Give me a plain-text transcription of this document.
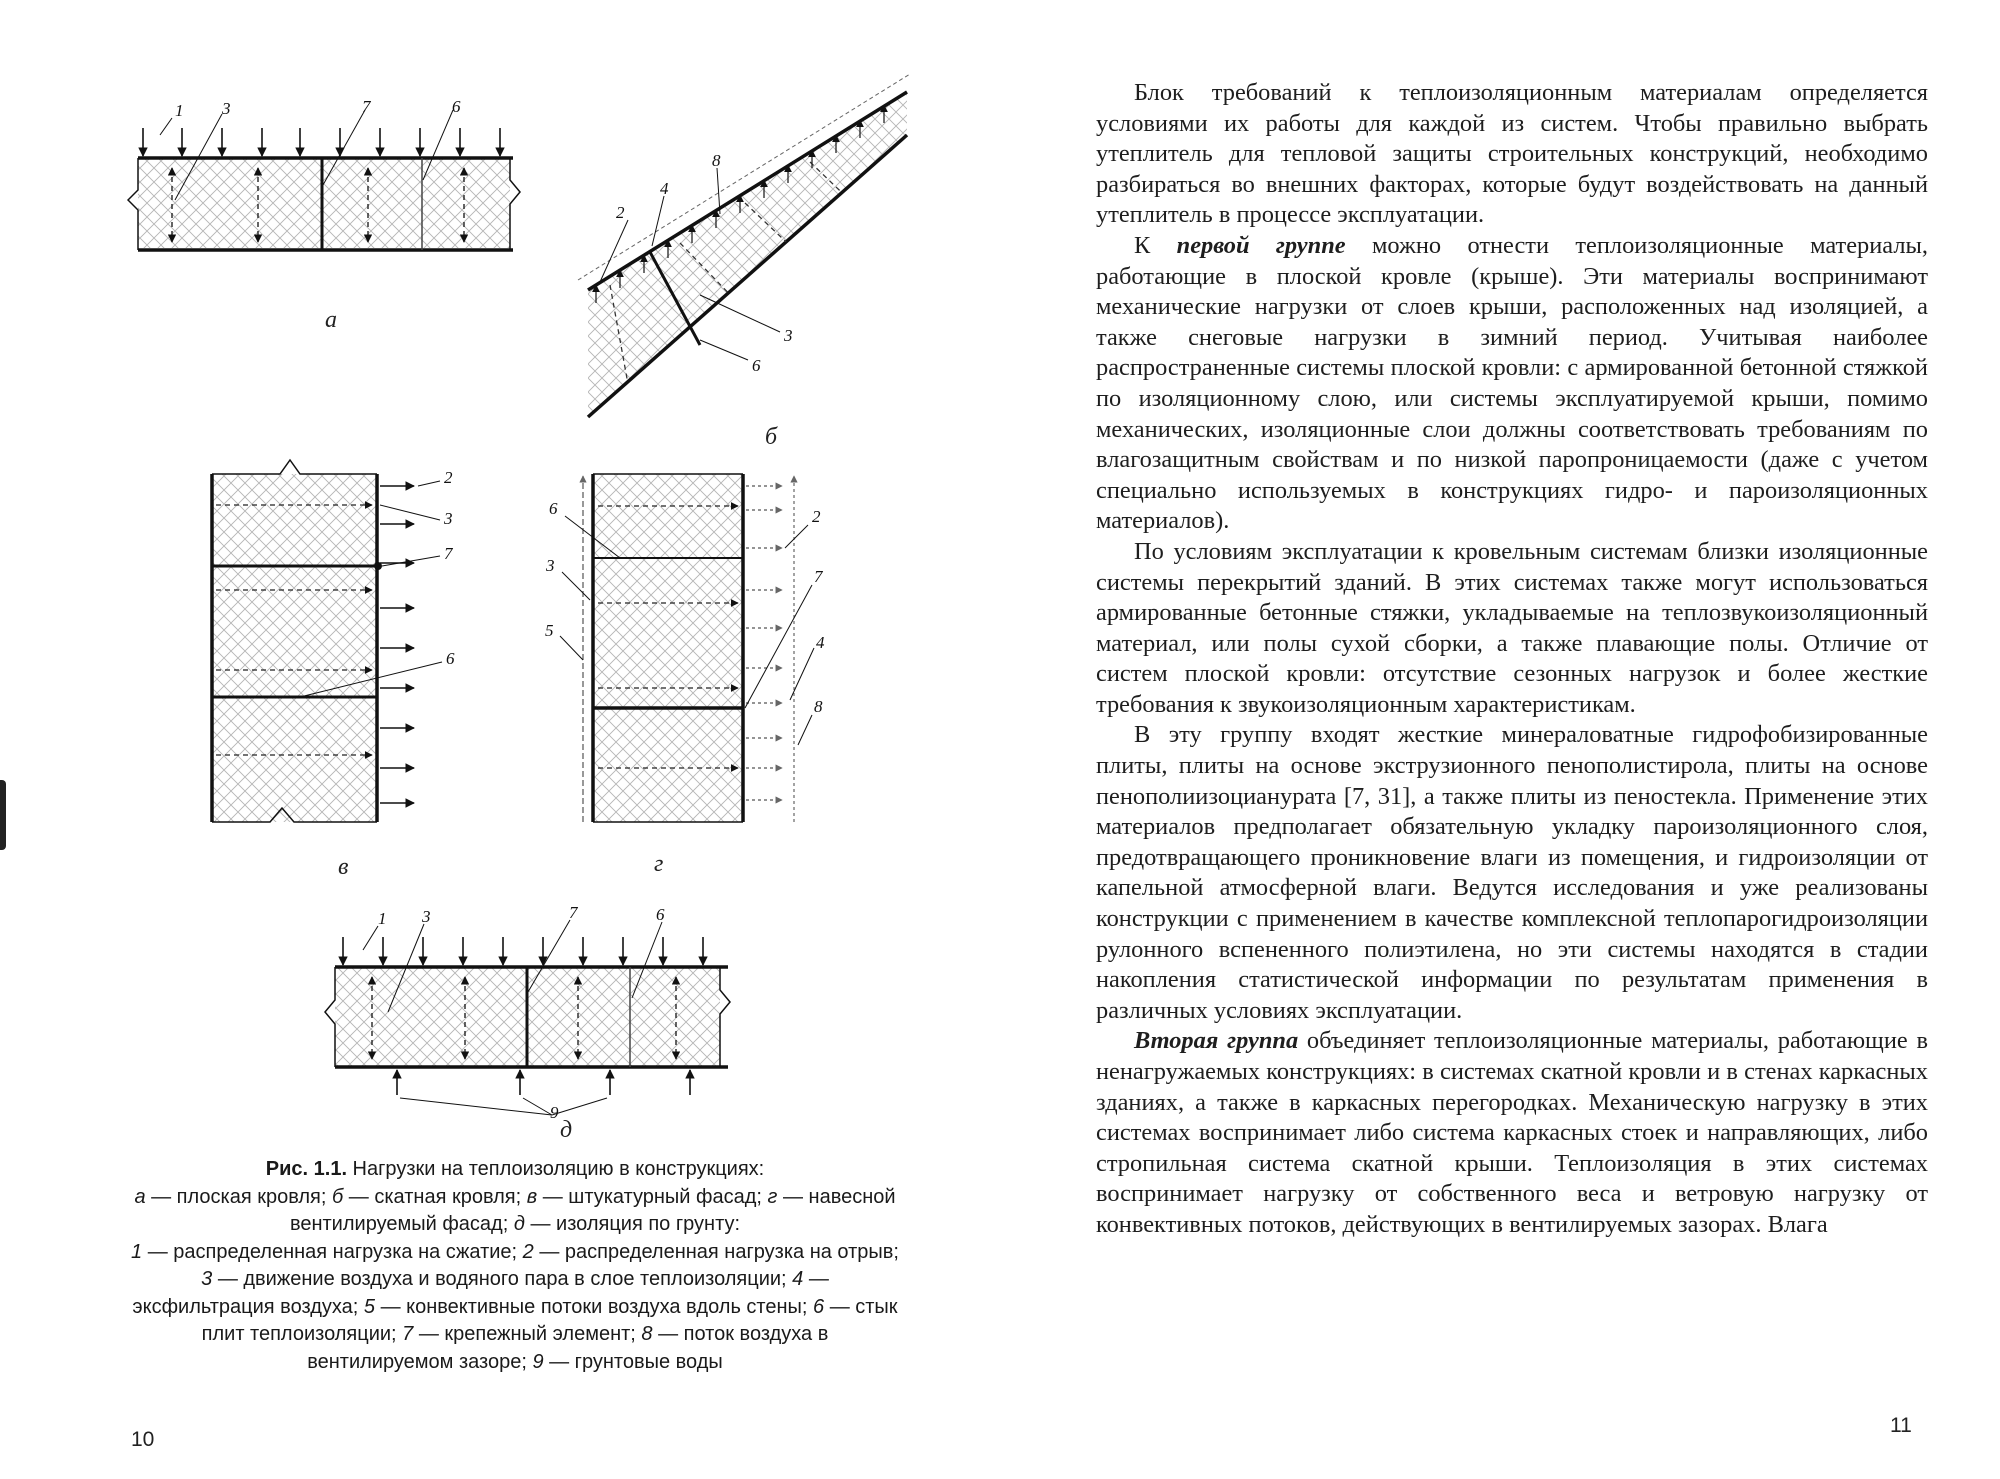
1 3	7	6
а
2
4
8
3
6
б
2
3
7
6
в
6
3
5
2
7
4
8
г
1 3	7	6
9
д
Рис. 1.1. Нагрузки на теплоизоляцию в конструкциях:
а — плоская кровля; б — скатная кровля; в — штукатурный фасад; г — навесной вентилируемый фасад; д — изоляция по грунту:
1 — распределенная нагрузка на сжатие; 2 — распределенная нагрузка на отрыв; 3 — движение воздуха и водяного пара в слое теплоизоляции; 4 — эксфильтрация воздуха; 5 — конвективные потоки воздуха вдоль стены; 6 — стык плит теплоизоляции; 7 — крепежный элемент; 8 — поток воздуха в вентилируемом зазоре; 9 — грунтовые воды
10
11

Блок требований к теплоизоляционным материалам определяется условиями их работы для каждой из систем. Чтобы правильно выбрать утеплитель для тепловой защиты строительных конструкций, необходимо разбираться во внешних факторах, которые будут воздействовать на данный утеплитель в процессе эксплуатации.

К первой группе можно отнести теплоизоляционные материалы, работающие в плоской кровле (крыше). Эти материалы воспринимают механические нагрузки от слоев крыши, расположенных над изоляцией, а также снеговые нагрузки в зимний период. Учитывая наиболее распространенные системы плоской кровли: с армированной бетонной стяжкой по изоляционному слою, или системы эксплуатируемой крыши, помимо механических, изоляционные слои должны соответствовать требованиям по влагозащитным свойствам и по низкой паропроницаемости (даже с учетом специально используемых в конструкциях гидро- и пароизоляционных материалов).

По условиям эксплуатации к кровельным системам близки изоляционные системы перекрытий зданий. В этих системах также могут использоваться армированные бетонные стяжки, укладываемые на теплозвукоизоляционный материал, или полы сухой сборки, а также плавающие полы. Отличие от систем плоской кровли: отсутствие сезонных нагрузок и более жесткие требования к звукоизоляционным характеристикам.

В эту группу входят жесткие минераловатные гидрофобизированные плиты, плиты на основе экструзионного пенополистирола, плиты на основе пенополиизоцианурата [7, 31], а также плиты из пеностекла. Применение этих материалов предполагает обязательную укладку пароизоляционного слоя, предотвращающего проникновение влаги из помещения, и гидроизоляции от капельной атмосферной влаги. Ведутся исследования и уже реализованы конструкции с применением в качестве комплексной теплопарогидроизоляции рулонного вспененного полиэтилена, но эти системы находятся в стадии накопления статистической информации по результатам применения в различных условиях эксплуатации.

Вторая группа объединяет теплоизоляционные материалы, работающие в ненагружаемых конструкциях: в системах скатной кровли и в стенах каркасных зданиях, а также в каркасных перегородках. Механическую нагрузку в этих системах воспринимает либо система каркасных стоек и направляющих, либо стропильная система скатной крыши. Теплоизоляция в этих системах воспринимает нагрузку от собственного веса и ветровую нагрузку от конвективных потоков, действующих в вентилируемых зазорах. Влага
